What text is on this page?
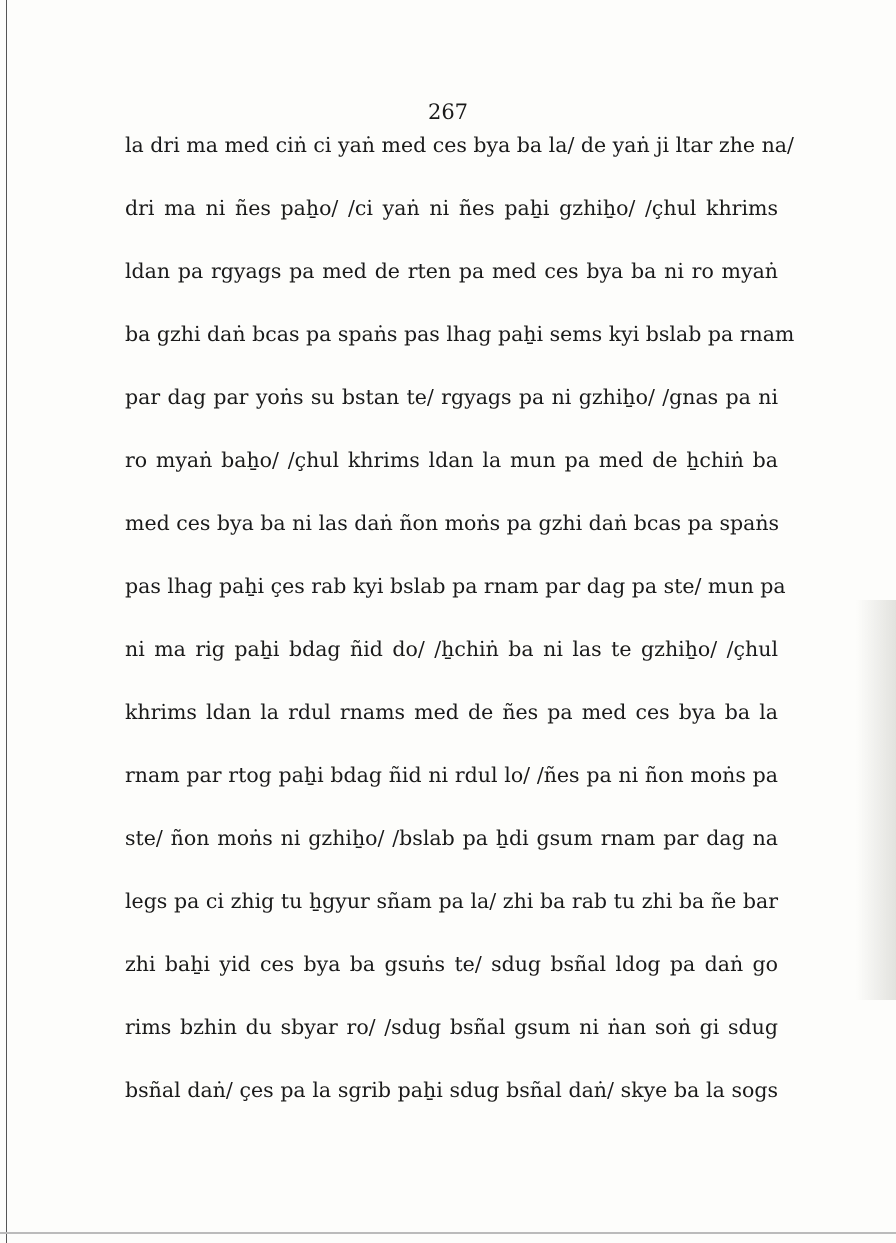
267
la dri ma med ciṅ ci yaṅ med ces bya ba la/ de yaṅ ji ltar zhe na/
dri ma ni ñes paẖo/ /ci yaṅ ni ñes paẖi gzhiẖo/ /çhul khrims
ldan pa rgyags pa med de rten pa med ces bya ba ni ro myaṅ
ba gzhi daṅ bcas pa spaṅs pas lhag paẖi sems kyi bslab pa rnam
par dag par yoṅs su bstan te/ rgyags pa ni gzhiẖo/ /gnas pa ni
ro myaṅ baẖo/ /çhul khrims ldan la mun pa med de ẖchiṅ ba
med ces bya ba ni las daṅ ñon moṅs pa gzhi daṅ bcas pa spaṅs
pas lhag paẖi çes rab kyi bslab pa rnam par dag pa ste/ mun pa
ni ma rig paẖi bdag ñid do/ /ẖchiṅ ba ni las te gzhiẖo/ /çhul
khrims ldan la rdul rnams med de ñes pa med ces bya ba la
rnam par rtog paẖi bdag ñid ni rdul lo/ /ñes pa ni ñon moṅs pa
ste/ ñon moṅs ni gzhiẖo/ /bslab pa ẖdi gsum rnam par dag na
legs pa ci zhig tu ẖgyur sñam pa la/ zhi ba rab tu zhi ba ñe bar
zhi baẖi yid ces bya ba gsuṅs te/ sdug bsñal ldog pa daṅ go
rims bzhin du sbyar ro/ /sdug bsñal gsum ni ṅan soṅ gi sdug
bsñal daṅ/ çes pa la sgrib paẖi sdug bsñal daṅ/ skye ba la sogs
